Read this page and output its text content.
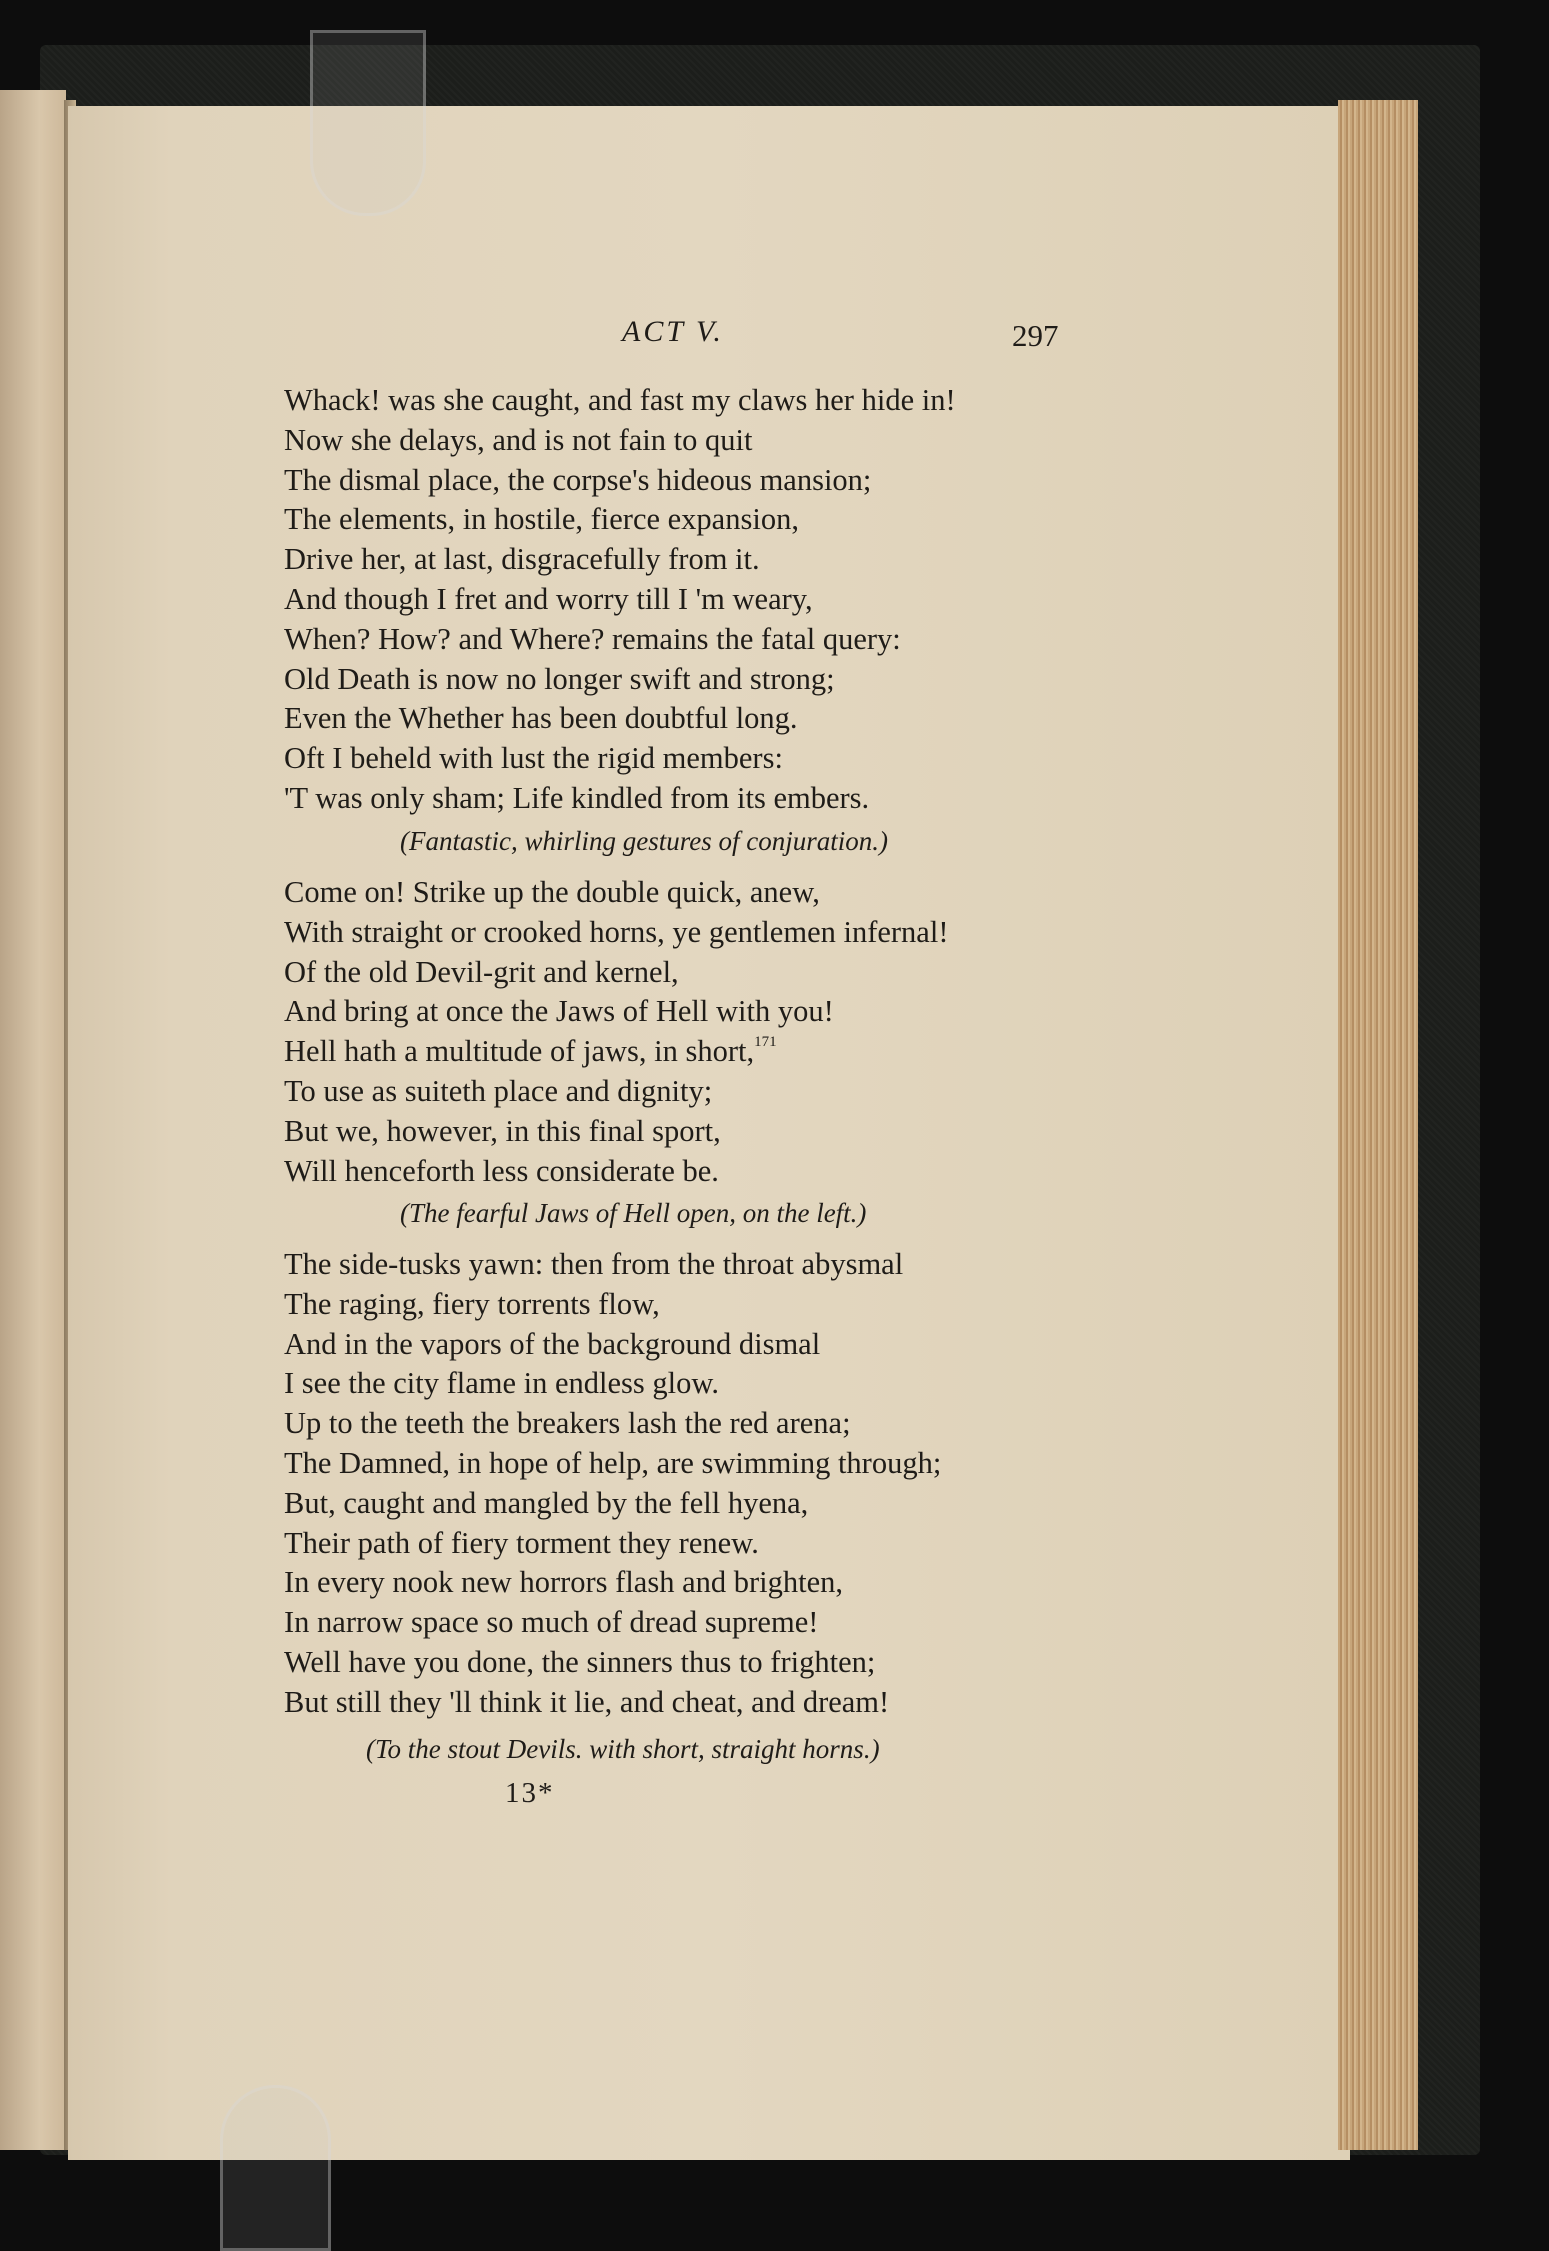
ACT V.	297
Whack! was she caught, and fast my claws her hide in!
Now she delays, and is not fain to quit
The dismal place, the corpse's hideous mansion;
The elements, in hostile, fierce expansion,
Drive her, at last, disgracefully from it.
And though I fret and worry till I 'm weary,
When? How? and Where? remains the fatal query:
Old Death is now no longer swift and strong;
Even the Whether has been doubtful long.
Oft I beheld with lust the rigid members:
'T was only sham; Life kindled from its embers.

(Fantastic, whirling gestures of conjuration.)

Come on! Strike up the double quick, anew,
With straight or crooked horns, ye gentlemen infernal!
Of the old Devil-grit and kernel,
And bring at once the Jaws of Hell with you!
Hell hath a multitude of jaws, in short,$^{171}$
To use as suiteth place and dignity;
But we, however, in this final sport,
Will henceforth less considerate be.

(The fearful Jaws of Hell open, on the left.)

The side-tusks yawn: then from the throat abysmal
The raging, fiery torrents flow,
And in the vapors of the background dismal
I see the city flame in endless glow.
Up to the teeth the breakers lash the red arena;
The Damned, in hope of help, are swimming through;
But, caught and mangled by the fell hyena,
Their path of fiery torment they renew.
In every nook new horrors flash and brighten,
In narrow space so much of dread supreme!
Well have you done, the sinners thus to frighten;
But still they 'll think it lie, and cheat, and dream!

(To the stout Devils. with short, straight horns.)

13*
